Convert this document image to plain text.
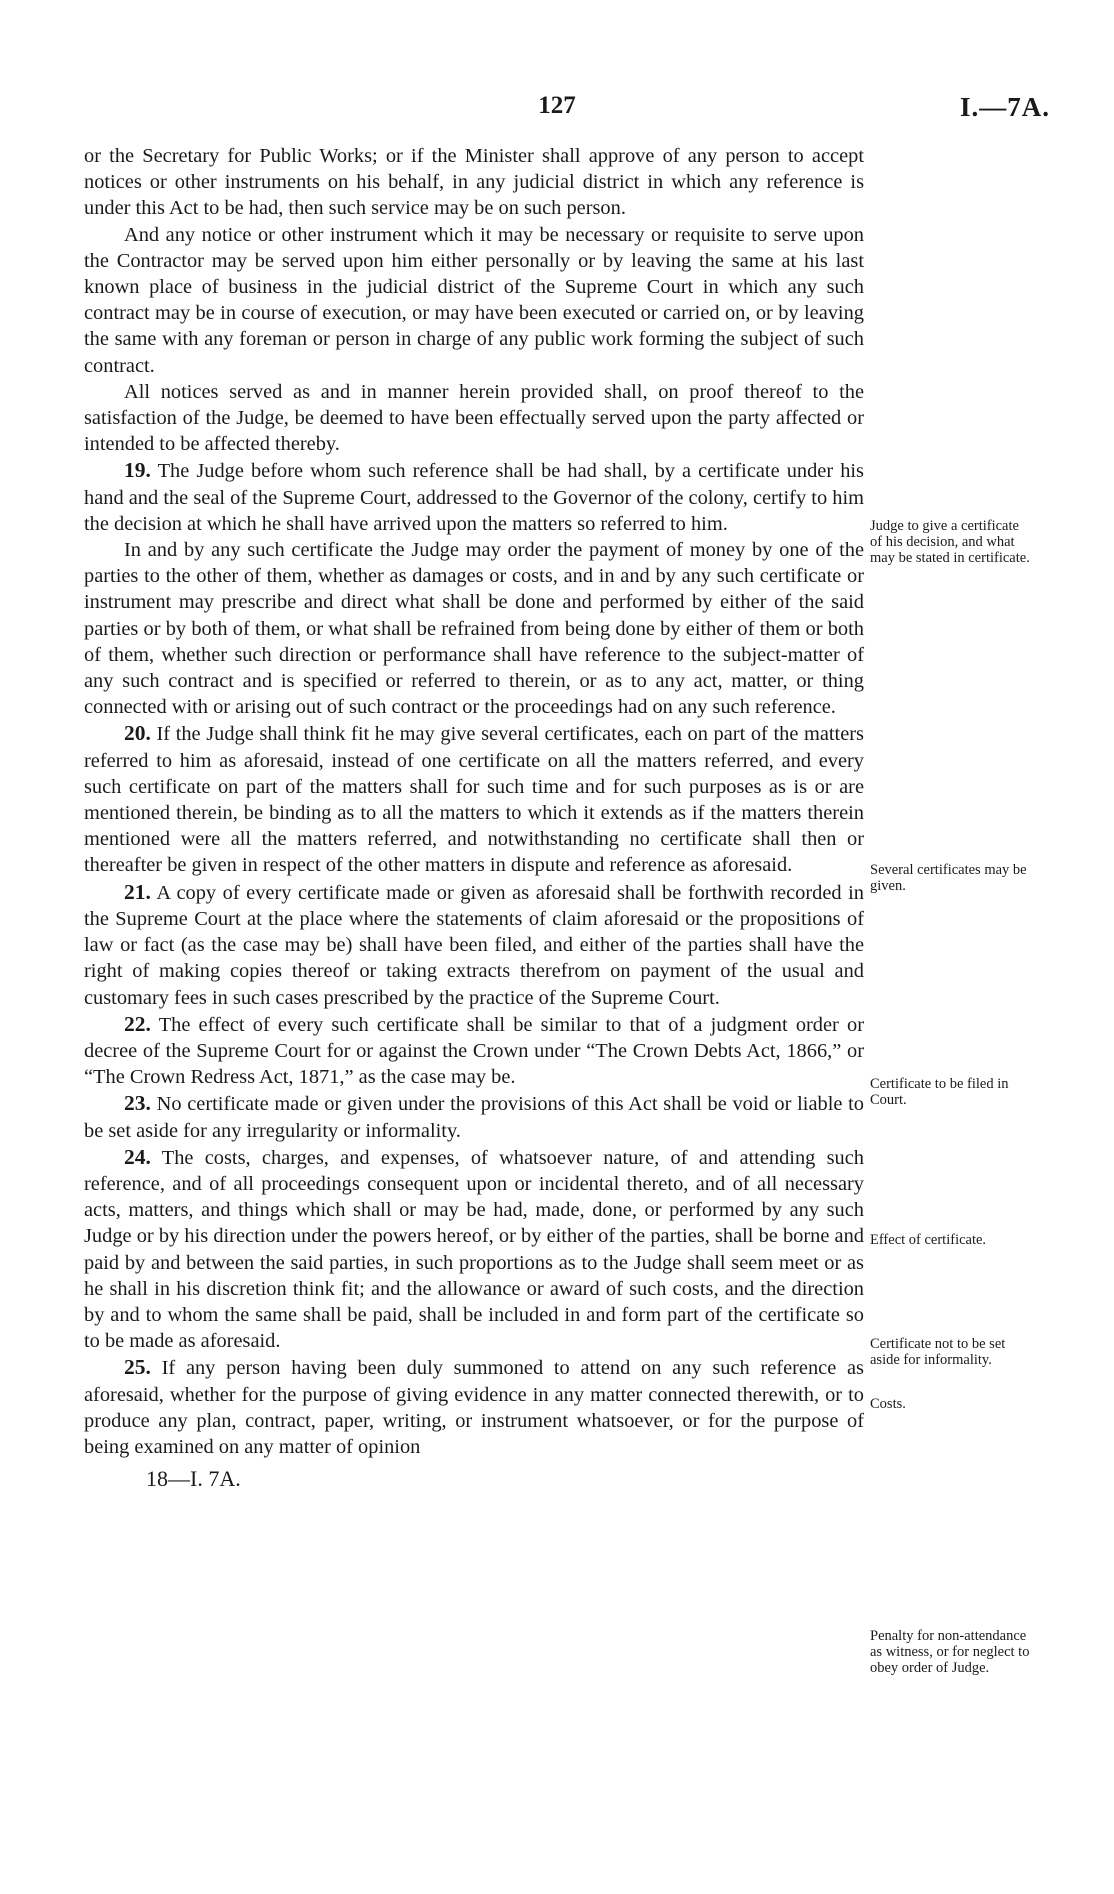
127	I.—7A.

or the Secretary for Public Works; or if the Minister shall approve of any person to accept notices or other instruments on his behalf, in any judicial district in which any reference is under this Act to be had, then such service may be on such person.

And any notice or other instrument which it may be necessary or requisite to serve upon the Contractor may be served upon him either personally or by leaving the same at his last known place of business in the judicial district of the Supreme Court in which any such contract may be in course of execution, or may have been executed or carried on, or by leaving the same with any foreman or person in charge of any public work forming the subject of such contract.

All notices served as and in manner herein provided shall, on proof thereof to the satisfaction of the Judge, be deemed to have been effectually served upon the party affected or intended to be affected thereby.

19. The Judge before whom such reference shall be had shall, by a certificate under his hand and the seal of the Supreme Court, addressed to the Governor of the colony, certify to him the decision at which he shall have arrived upon the matters so referred to him.

In and by any such certificate the Judge may order the payment of money by one of the parties to the other of them, whether as damages or costs, and in and by any such certificate or instrument may prescribe and direct what shall be done and performed by either of the said parties or by both of them, or what shall be refrained from being done by either of them or both of them, whether such direction or performance shall have reference to the subject-matter of any such contract and is specified or referred to therein, or as to any act, matter, or thing connected with or arising out of such contract or the proceedings had on any such reference.

20. If the Judge shall think fit he may give several certificates, each on part of the matters referred to him as aforesaid, instead of one certificate on all the matters referred, and every such certificate on part of the matters shall for such time and for such purposes as is or are mentioned therein, be binding as to all the matters to which it extends as if the matters therein mentioned were all the matters referred, and notwithstanding no certificate shall then or thereafter be given in respect of the other matters in dispute and reference as aforesaid.

21. A copy of every certificate made or given as aforesaid shall be forthwith recorded in the Supreme Court at the place where the statements of claim aforesaid or the propositions of law or fact (as the case may be) shall have been filed, and either of the parties shall have the right of making copies thereof or taking extracts therefrom on payment of the usual and customary fees in such cases prescribed by the practice of the Supreme Court.

22. The effect of every such certificate shall be similar to that of a judgment order or decree of the Supreme Court for or against the Crown under “The Crown Debts Act, 1866,” or “The Crown Redress Act, 1871,” as the case may be.

23. No certificate made or given under the provisions of this Act shall be void or liable to be set aside for any irregularity or informality.

24. The costs, charges, and expenses, of whatsoever nature, of and attending such reference, and of all proceedings consequent upon or incidental thereto, and of all necessary acts, matters, and things which shall or may be had, made, done, or performed by any such Judge or by his direction under the powers hereof, or by either of the parties, shall be borne and paid by and between the said parties, in such proportions as to the Judge shall seem meet or as he shall in his discretion think fit; and the allowance or award of such costs, and the direction by and to whom the same shall be paid, shall be included in and form part of the certificate so to be made as aforesaid.

25. If any person having been duly summoned to attend on any such reference as aforesaid, whether for the purpose of giving evidence in any matter connected therewith, or to produce any plan, contract, paper, writing, or instrument whatsoever, or for the purpose of being examined on any matter of opinion

18—I. 7A.
Judge to give a certificate of his decision, and what may be stated in certificate.
Several certificates may be given.
Certificate to be filed in Court.
Effect of certificate.
Certificate not to be set aside for informality.
Costs.
Penalty for non-attendance as witness, or for neglect to obey order of Judge.
